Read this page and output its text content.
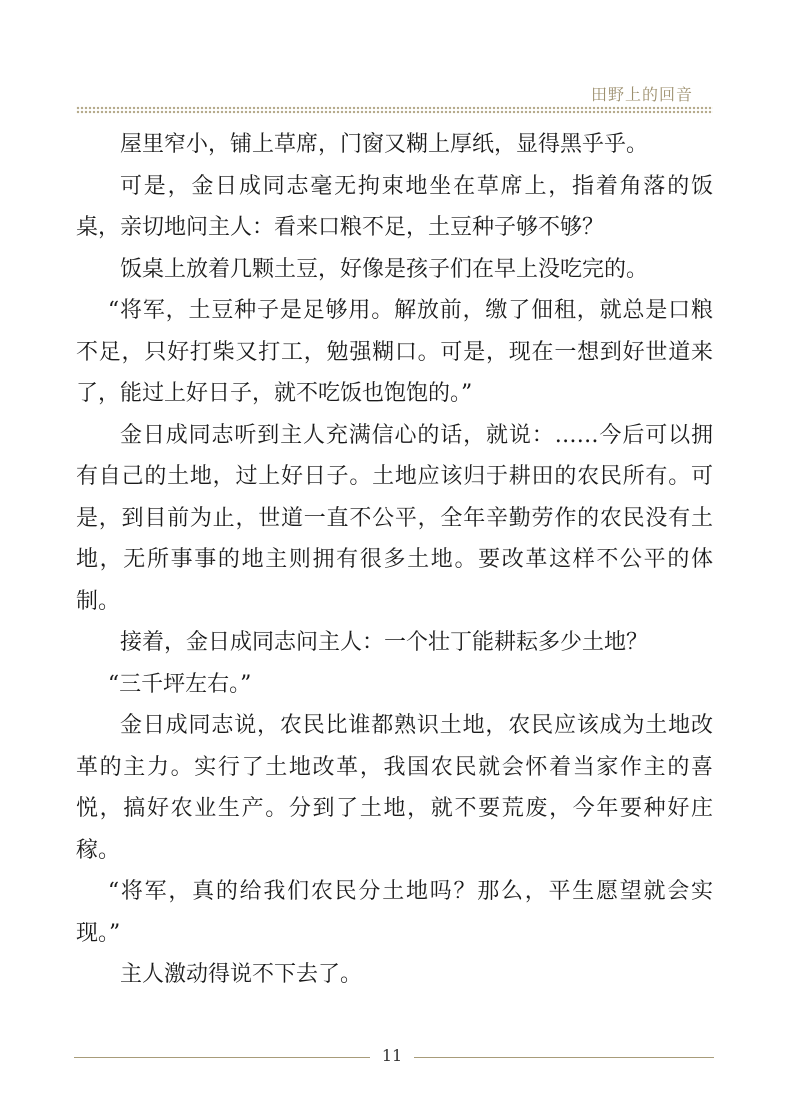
田野上的回音

屋里窄小，铺上草席，门窗又糊上厚纸，显得黑乎乎。

可是，金日成同志毫无拘束地坐在草席上，指着角落的饭桌，亲切地问主人：看来口粮不足，土豆种子够不够？

饭桌上放着几颗土豆，好像是孩子们在早上没吃完的。

“将军，土豆种子是足够用。解放前，缴了佃租，就总是口粮不足，只好打柴又打工，勉强糊口。可是，现在一想到好世道来了，能过上好日子，就不吃饭也饱饱的。”

金日成同志听到主人充满信心的话，就说：……今后可以拥有自己的土地，过上好日子。土地应该归于耕田的农民所有。可是，到目前为止，世道一直不公平，全年辛勤劳作的农民没有土地，无所事事的地主则拥有很多土地。要改革这样不公平的体制。

接着，金日成同志问主人：一个壮丁能耕耘多少土地？

“三千坪左右。”

金日成同志说，农民比谁都熟识土地，农民应该成为土地改革的主力。实行了土地改革，我国农民就会怀着当家作主的喜悦，搞好农业生产。分到了土地，就不要荒废，今年要种好庄稼。

“将军，真的给我们农民分土地吗？那么，平生愿望就会实现。”

主人激动得说不下去了。

11
